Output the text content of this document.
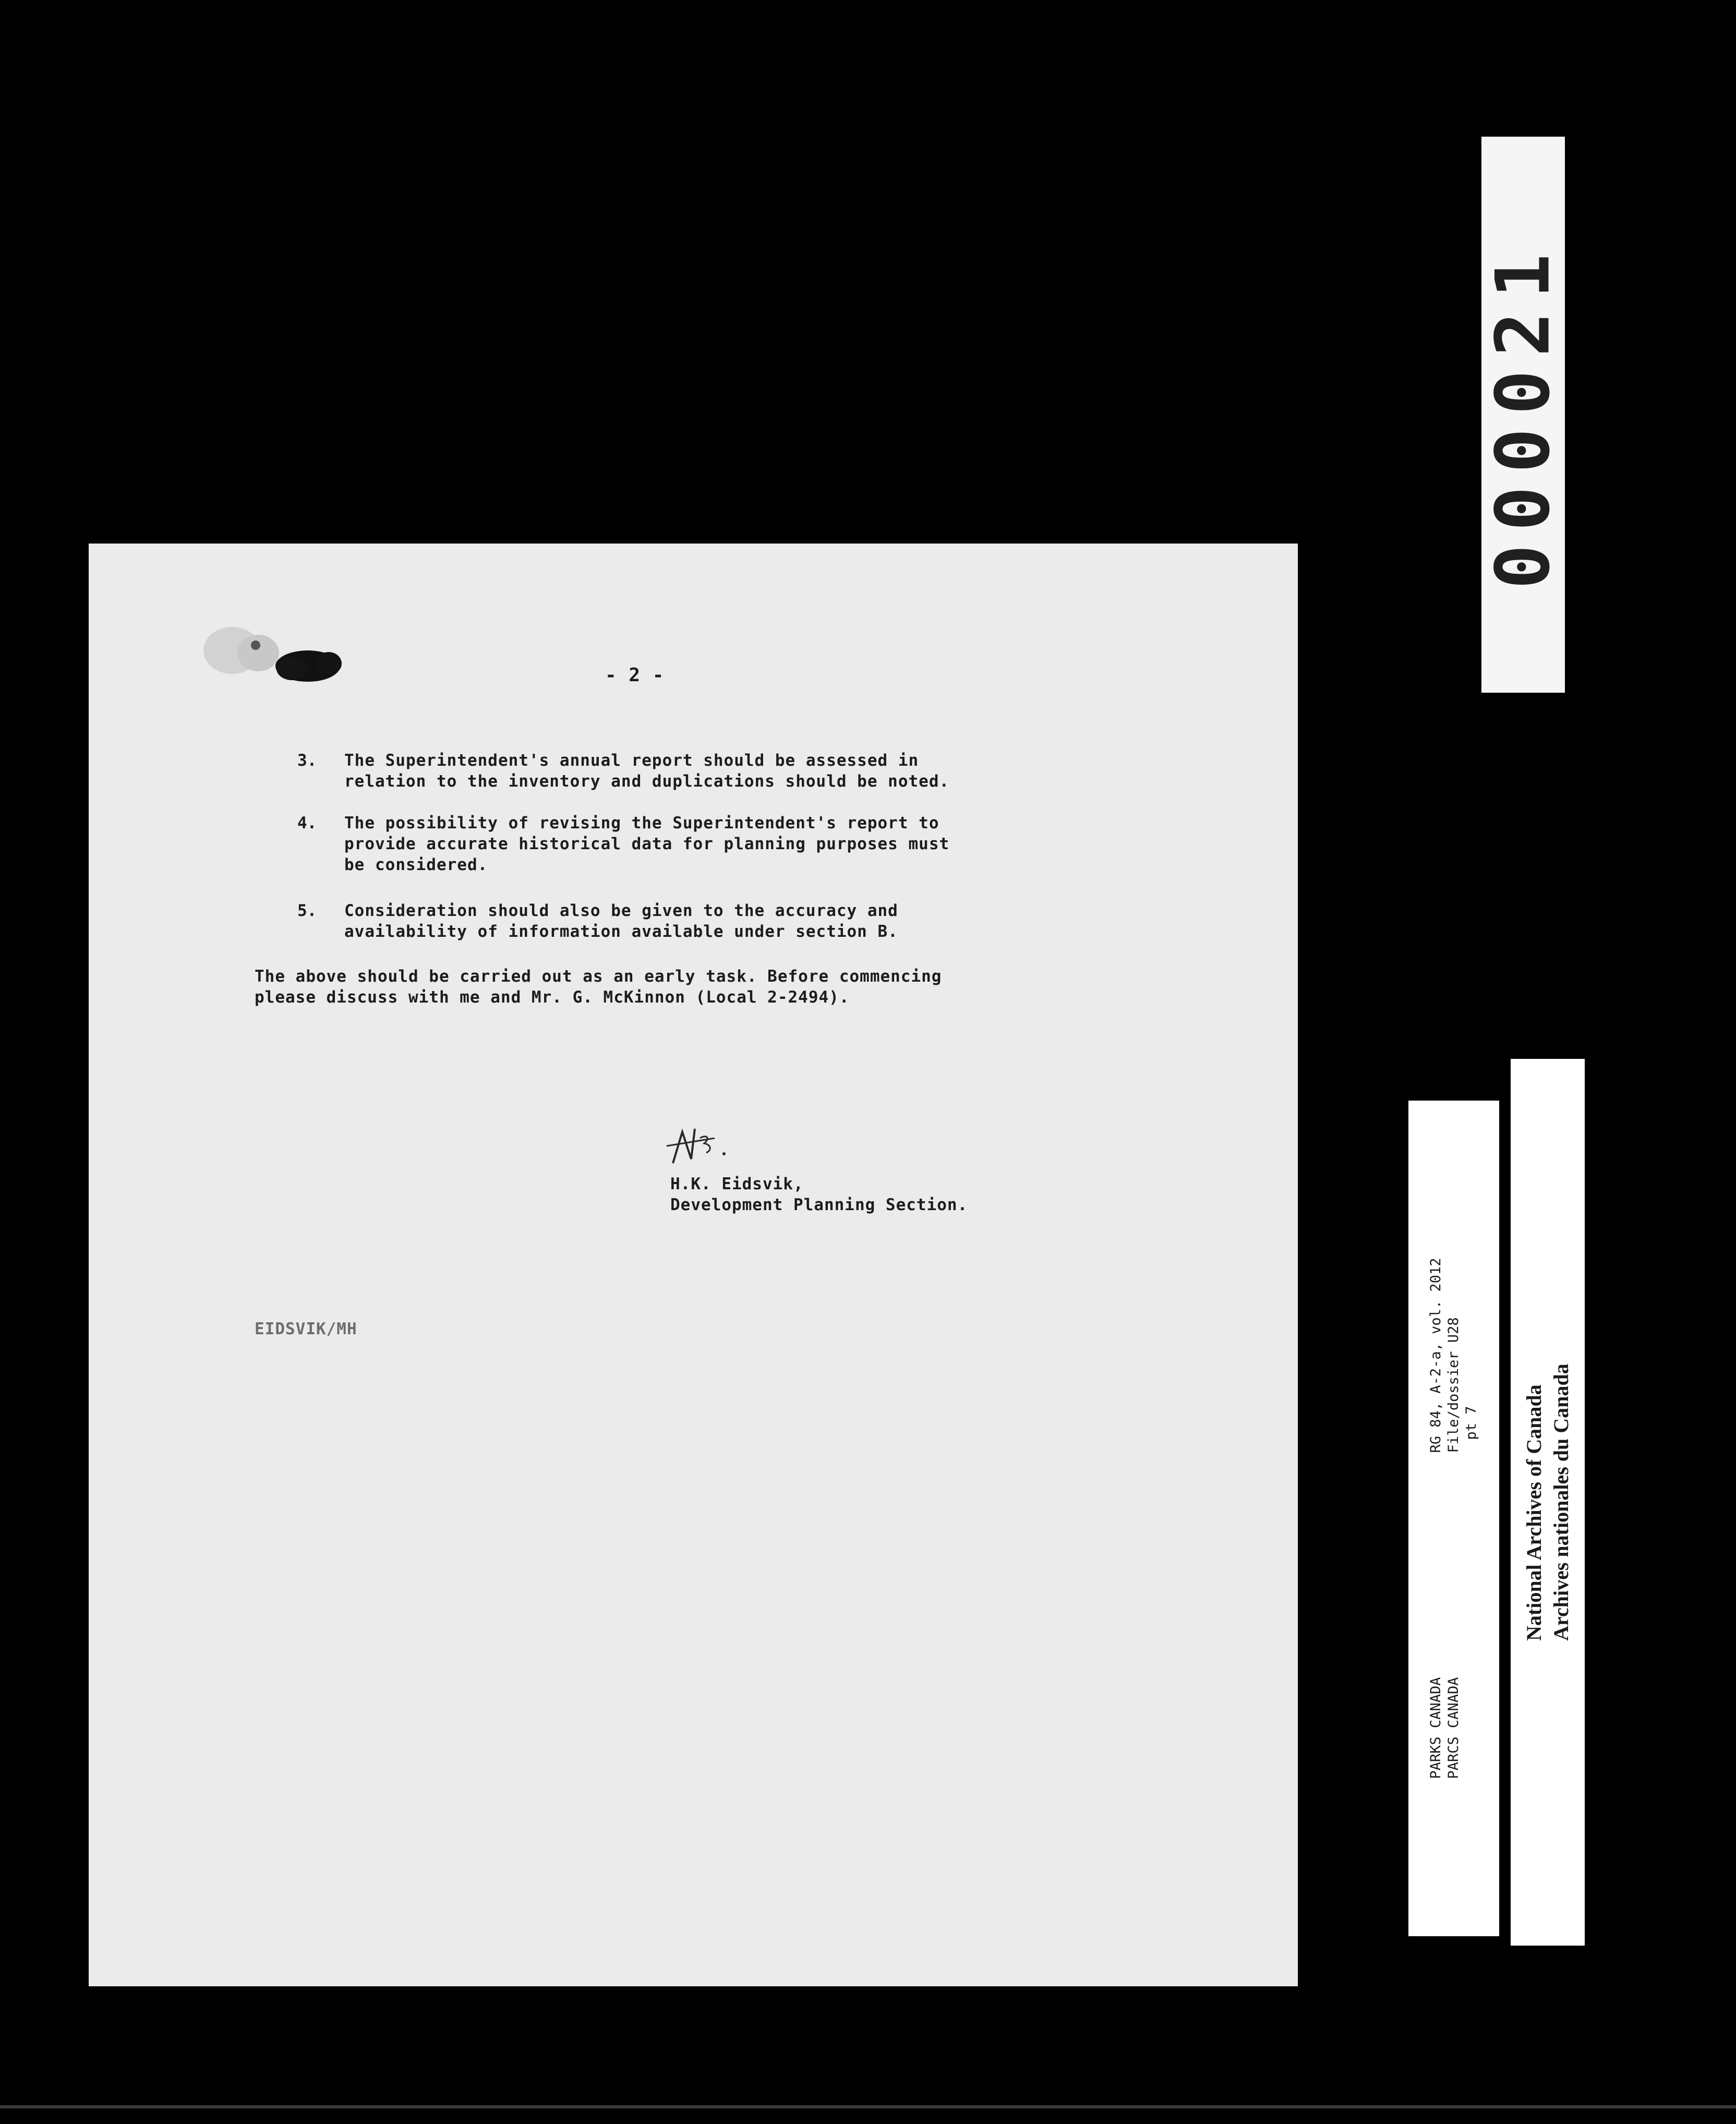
- 2 -
3. The Superintendent's annual report should be assessed in
relation to the inventory and duplications should be noted.
4. The possibility of revising the Superintendent's report to
provide accurate historical data for planning purposes must
be considered.
5. Consideration should also be given to the accuracy and
availability of information available under section B.
The above should be carried out as an early task. Before commencing
please discuss with me and Mr. G. McKinnon (Local 2-2494).
H.K. Eidsvik,
Development Planning Section.
EIDSVIK/MH
000021
PARKS CANADARG 84, A-2-a, vol. 2012
PARCS CANADAFile/dossier U28 pt 7 National Archives of Canada Archives nationales du Canada
